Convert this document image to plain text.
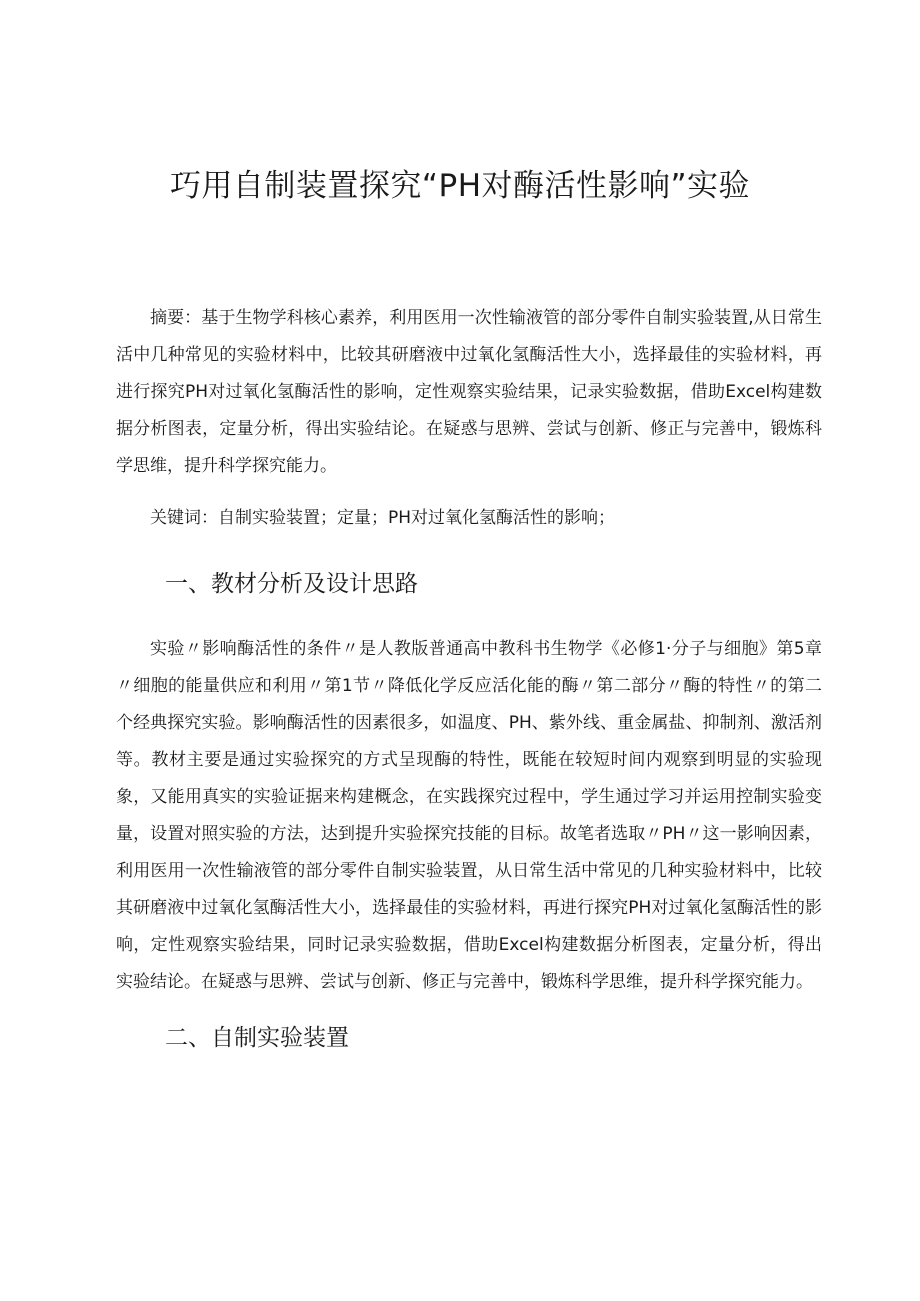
巧用自制装置探究“PH对酶活性影响”实验

摘要：基于生物学科核心素养，利用医用一次性输液管的部分零件自制实验装置,从日常生活中几种常见的实验材料中，比较其研磨液中过氧化氢酶活性大小，选择最佳的实验材料，再进行探究PH对过氧化氢酶活性的影响，定性观察实验结果，记录实验数据，借助Excel构建数据分析图表，定量分析，得出实验结论。在疑惑与思辨、尝试与创新、修正与完善中，锻炼科学思维，提升科学探究能力。

关键词：自制实验装置；定量；PH对过氧化氢酶活性的影响；

一、教材分析及设计思路

实验〃影响酶活性的条件〃是人教版普通高中教科书生物学《必修1·分子与细胞》第5章〃细胞的能量供应和利用〃第1节〃降低化学反应活化能的酶〃第二部分〃酶的特性〃的第二个经典探究实验。影响酶活性的因素很多，如温度、PH、紫外线、重金属盐、抑制剂、激活剂等。教材主要是通过实验探究的方式呈现酶的特性，既能在较短时间内观察到明显的实验现象，又能用真实的实验证据来构建概念，在实践探究过程中，学生通过学习并运用控制实验变量，设置对照实验的方法，达到提升实验探究技能的目标。故笔者选取〃PH〃这一影响因素，利用医用一次性输液管的部分零件自制实验装置，从日常生活中常见的几种实验材料中，比较其研磨液中过氧化氢酶活性大小，选择最佳的实验材料，再进行探究PH对过氧化氢酶活性的影响，定性观察实验结果，同时记录实验数据，借助Excel构建数据分析图表，定量分析，得出实验结论。在疑惑与思辨、尝试与创新、修正与完善中，锻炼科学思维，提升科学探究能力。

二、自制实验装置
